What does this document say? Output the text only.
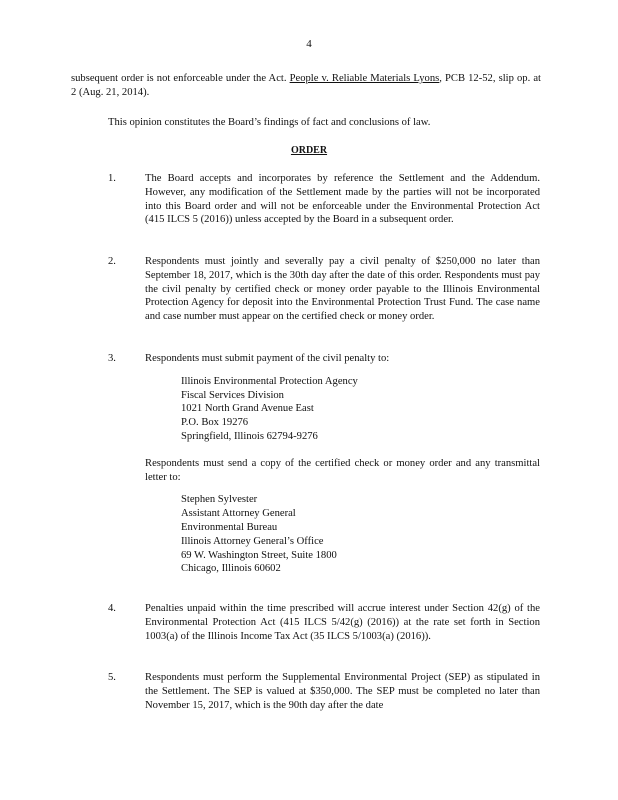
4
subsequent order is not enforceable under the Act. People v. Reliable Materials Lyons, PCB 12-52, slip op. at 2 (Aug. 21, 2014).
This opinion constitutes the Board’s findings of fact and conclusions of law.
ORDER
1.	The Board accepts and incorporates by reference the Settlement and the Addendum. However, any modification of the Settlement made by the parties will not be incorporated into this Board order and will not be enforceable under the Environmental Protection Act (415 ILCS 5 (2016)) unless accepted by the Board in a subsequent order.
2.	Respondents must jointly and severally pay a civil penalty of $250,000 no later than September 18, 2017, which is the 30th day after the date of this order. Respondents must pay the civil penalty by certified check or money order payable to the Illinois Environmental Protection Agency for deposit into the Environmental Protection Trust Fund. The case name and case number must appear on the certified check or money order.
3.	Respondents must submit payment of the civil penalty to:
Illinois Environmental Protection Agency
Fiscal Services Division
1021 North Grand Avenue East
P.O. Box 19276
Springfield, Illinois 62794-9276
Respondents must send a copy of the certified check or money order and any transmittal letter to:
Stephen Sylvester
Assistant Attorney General
Environmental Bureau
Illinois Attorney General’s Office
69 W. Washington Street, Suite 1800
Chicago, Illinois 60602
4.	Penalties unpaid within the time prescribed will accrue interest under Section 42(g) of the Environmental Protection Act (415 ILCS 5/42(g) (2016)) at the rate set forth in Section 1003(a) of the Illinois Income Tax Act (35 ILCS 5/1003(a) (2016)).
5.	Respondents must perform the Supplemental Environmental Project (SEP) as stipulated in the Settlement. The SEP is valued at $350,000. The SEP must be completed no later than November 15, 2017, which is the 90th day after the date
